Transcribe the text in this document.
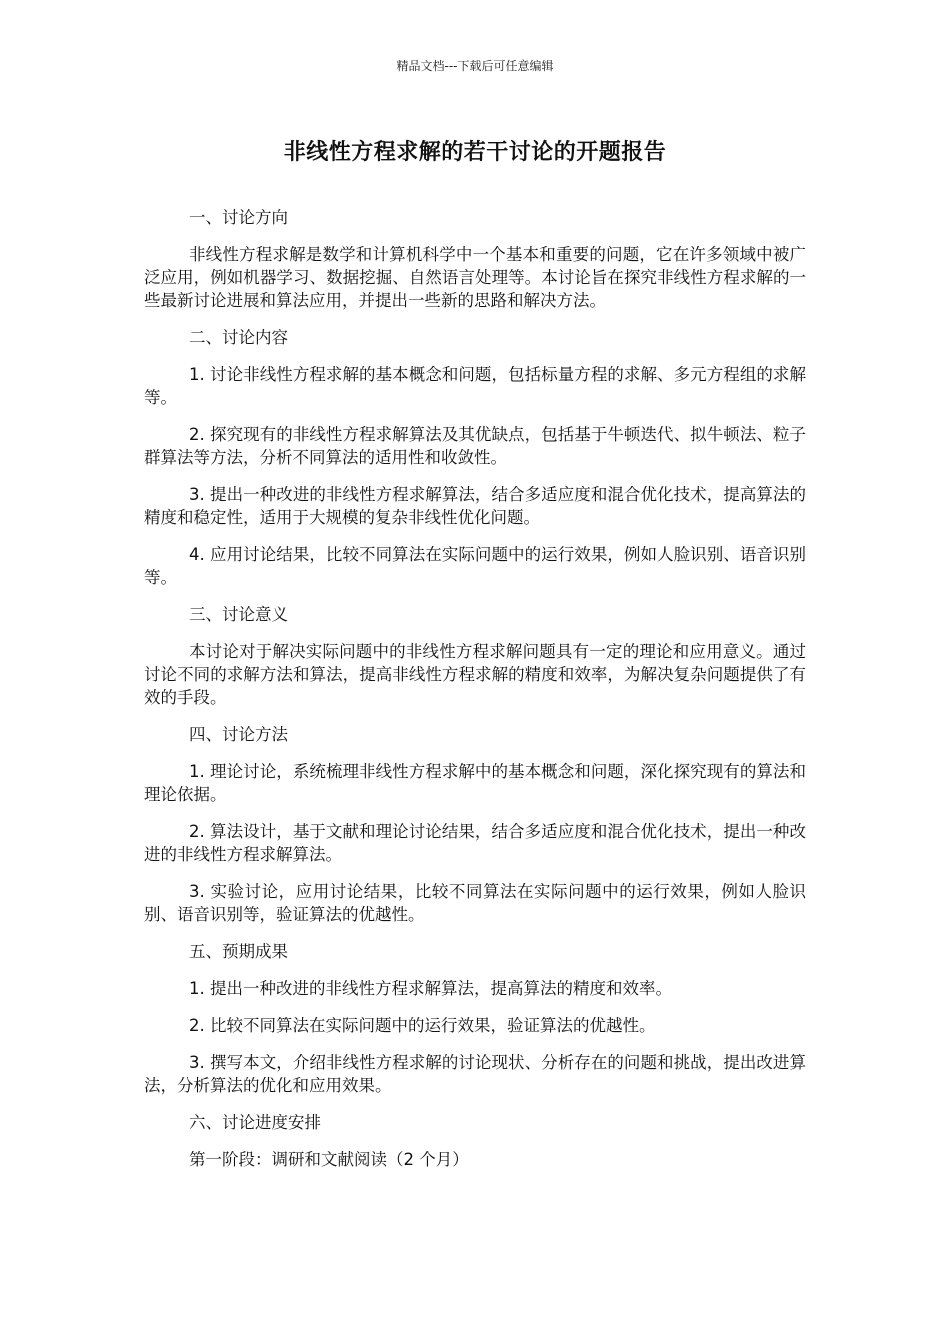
精品文档---下载后可任意编辑
非线性方程求解的若干讨论的开题报告

一、讨论方向

非线性方程求解是数学和计算机科学中一个基本和重要的问题，它在许多领域中被广泛应用，例如机器学习、数据挖掘、自然语言处理等。本讨论旨在探究非线性方程求解的一些最新讨论进展和算法应用，并提出一些新的思路和解决方法。

二、讨论内容

1. 讨论非线性方程求解的基本概念和问题，包括标量方程的求解、多元方程组的求解等。

2. 探究现有的非线性方程求解算法及其优缺点，包括基于牛顿迭代、拟牛顿法、粒子群算法等方法，分析不同算法的适用性和收敛性。

3. 提出一种改进的非线性方程求解算法，结合多适应度和混合优化技术，提高算法的精度和稳定性，适用于大规模的复杂非线性优化问题。

4. 应用讨论结果，比较不同算法在实际问题中的运行效果，例如人脸识别、语音识别等。

三、讨论意义

本讨论对于解决实际问题中的非线性方程求解问题具有一定的理论和应用意义。通过讨论不同的求解方法和算法，提高非线性方程求解的精度和效率，为解决复杂问题提供了有效的手段。

四、讨论方法

1. 理论讨论，系统梳理非线性方程求解中的基本概念和问题，深化探究现有的算法和理论依据。

2. 算法设计，基于文献和理论讨论结果，结合多适应度和混合优化技术，提出一种改进的非线性方程求解算法。

3. 实验讨论，应用讨论结果，比较不同算法在实际问题中的运行效果，例如人脸识别、语音识别等，验证算法的优越性。

五、预期成果

1. 提出一种改进的非线性方程求解算法，提高算法的精度和效率。

2. 比较不同算法在实际问题中的运行效果，验证算法的优越性。

3. 撰写本文，介绍非线性方程求解的讨论现状、分析存在的问题和挑战，提出改进算法，分析算法的优化和应用效果。

六、讨论进度安排

第一阶段：调研和文献阅读（2 个月）
